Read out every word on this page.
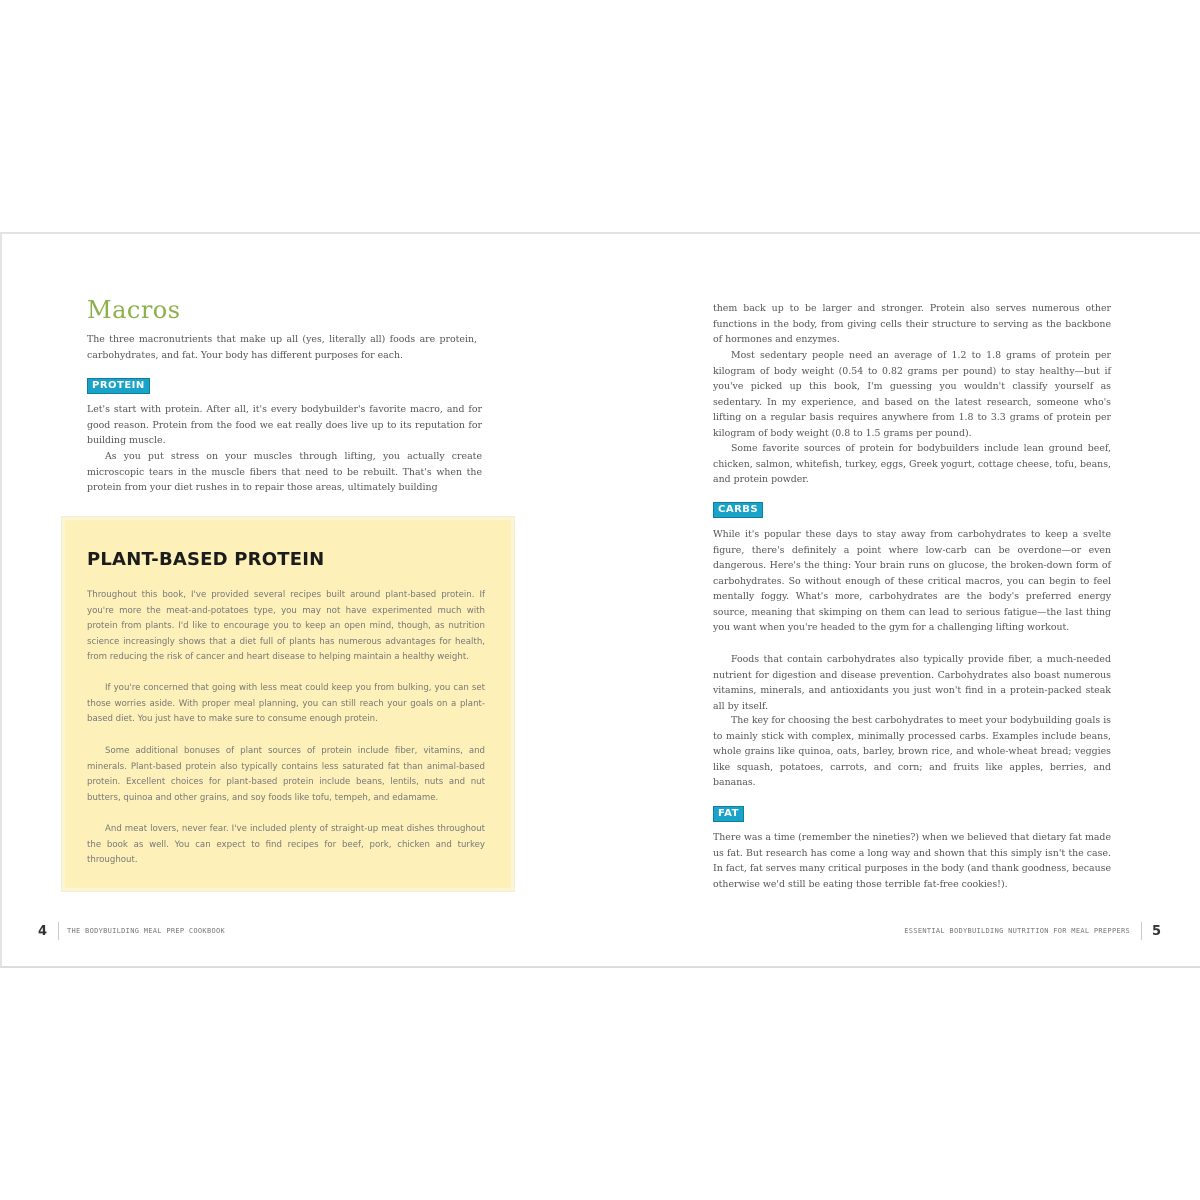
Macros

The three macronutrients that make up all (yes, literally all) foods are protein, carbohydrates, and fat. Your body has different purposes for each.

PROTEIN

Let's start with protein. After all, it's every bodybuilder's favorite macro, and for good reason. Protein from the food we eat really does live up to its reputation for building muscle.

As you put stress on your muscles through lifting, you actually create microscopic tears in the muscle fibers that need to be rebuilt. That's when the protein from your diet rushes in to repair those areas, ultimately building

PLANT-BASED PROTEIN

Throughout this book, I've provided several recipes built around plant-based protein. If you're more the meat-and-potatoes type, you may not have experimented much with protein from plants. I'd like to encourage you to keep an open mind, though, as nutrition science increasingly shows that a diet full of plants has numerous advantages for health, from reducing the risk of cancer and heart disease to helping maintain a healthy weight.

If you're concerned that going with less meat could keep you from bulking, you can set those worries aside. With proper meal planning, you can still reach your goals on a plant-based diet. You just have to make sure to consume enough protein.

Some additional bonuses of plant sources of protein include fiber, vitamins, and minerals. Plant-based protein also typically contains less saturated fat than animal-based protein. Excellent choices for plant-based protein include beans, lentils, nuts and nut butters, quinoa and other grains, and soy foods like tofu, tempeh, and edamame.

And meat lovers, never fear. I've included plenty of straight-up meat dishes throughout the book as well. You can expect to find recipes for beef, pork, chicken and turkey throughout.

4	THE BODYBUILDING MEAL PREP COOKBOOK

them back up to be larger and stronger. Protein also serves numerous other functions in the body, from giving cells their structure to serving as the backbone of hormones and enzymes.

Most sedentary people need an average of 1.2 to 1.8 grams of protein per kilogram of body weight (0.54 to 0.82 grams per pound) to stay healthy—but if you've picked up this book, I'm guessing you wouldn't classify yourself as sedentary. In my experience, and based on the latest research, someone who's lifting on a regular basis requires anywhere from 1.8 to 3.3 grams of protein per kilogram of body weight (0.8 to 1.5 grams per pound).

Some favorite sources of protein for bodybuilders include lean ground beef, chicken, salmon, whitefish, turkey, eggs, Greek yogurt, cottage cheese, tofu, beans, and protein powder.

CARBS

While it's popular these days to stay away from carbohydrates to keep a svelte figure, there's definitely a point where low-carb can be overdone—or even dangerous. Here's the thing: Your brain runs on glucose, the broken-down form of carbohydrates. So without enough of these critical macros, you can begin to feel mentally foggy. What's more, carbohydrates are the body's preferred energy source, meaning that skimping on them can lead to serious fatigue—the last thing you want when you're headed to the gym for a challenging lifting workout.

Foods that contain carbohydrates also typically provide fiber, a much-needed nutrient for digestion and disease prevention. Carbohydrates also boast numerous vitamins, minerals, and antioxidants you just won't find in a protein-packed steak all by itself.

The key for choosing the best carbohydrates to meet your bodybuilding goals is to mainly stick with complex, minimally processed carbs. Examples include beans, whole grains like quinoa, oats, barley, brown rice, and whole-wheat bread; veggies like squash, potatoes, carrots, and corn; and fruits like apples, berries, and bananas.

FAT

There was a time (remember the nineties?) when we believed that dietary fat made us fat. But research has come a long way and shown that this simply isn't the case. In fact, fat serves many critical purposes in the body (and thank goodness, because otherwise we'd still be eating those terrible fat-free cookies!).

ESSENTIAL BODYBUILDING NUTRITION FOR MEAL PREPPERS 5
